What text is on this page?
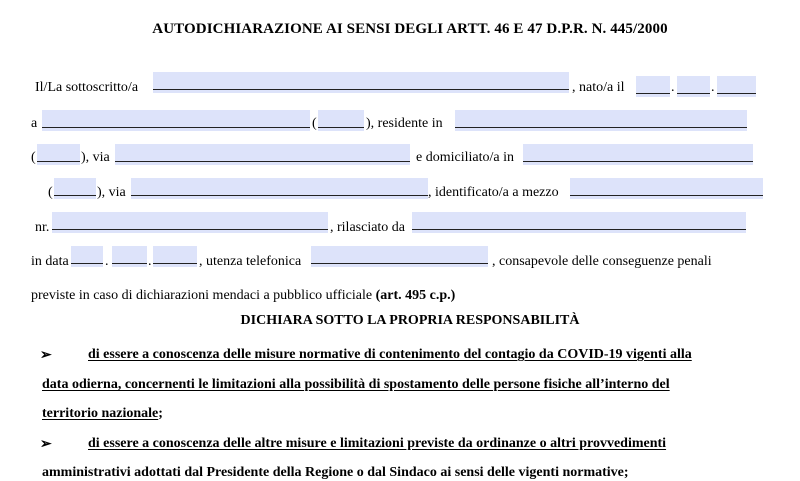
AUTODICHIARAZIONE AI SENSI DEGLI ARTT. 46 E 47 D.P.R. N. 445/2000
Il/La sottoscritto/a	, nato/a il	.	.
a	(	), residente in
(	), via	e domiciliato/a in
(	), via	, identificato/a a mezzo
nr.	, rilasciato da
in data	.	.	, utenza telefonica	, consapevole delle conseguenze penali
previste in caso di dichiarazioni mendaci a pubblico ufficiale (art. 495 c.p.)
DICHIARA SOTTO LA PROPRIA RESPONSABILITÀ
➢	di essere a conoscenza delle misure normative di contenimento del contagio da COVID-19 vigenti alla
data odierna, concernenti le limitazioni alla possibilità di spostamento delle persone fisiche all’interno del
territorio nazionale;
➢	di essere a conoscenza delle altre misure e limitazioni previste da ordinanze o altri provvedimenti
amministrativi adottati dal Presidente della Regione o dal Sindaco ai sensi delle vigenti normative;
